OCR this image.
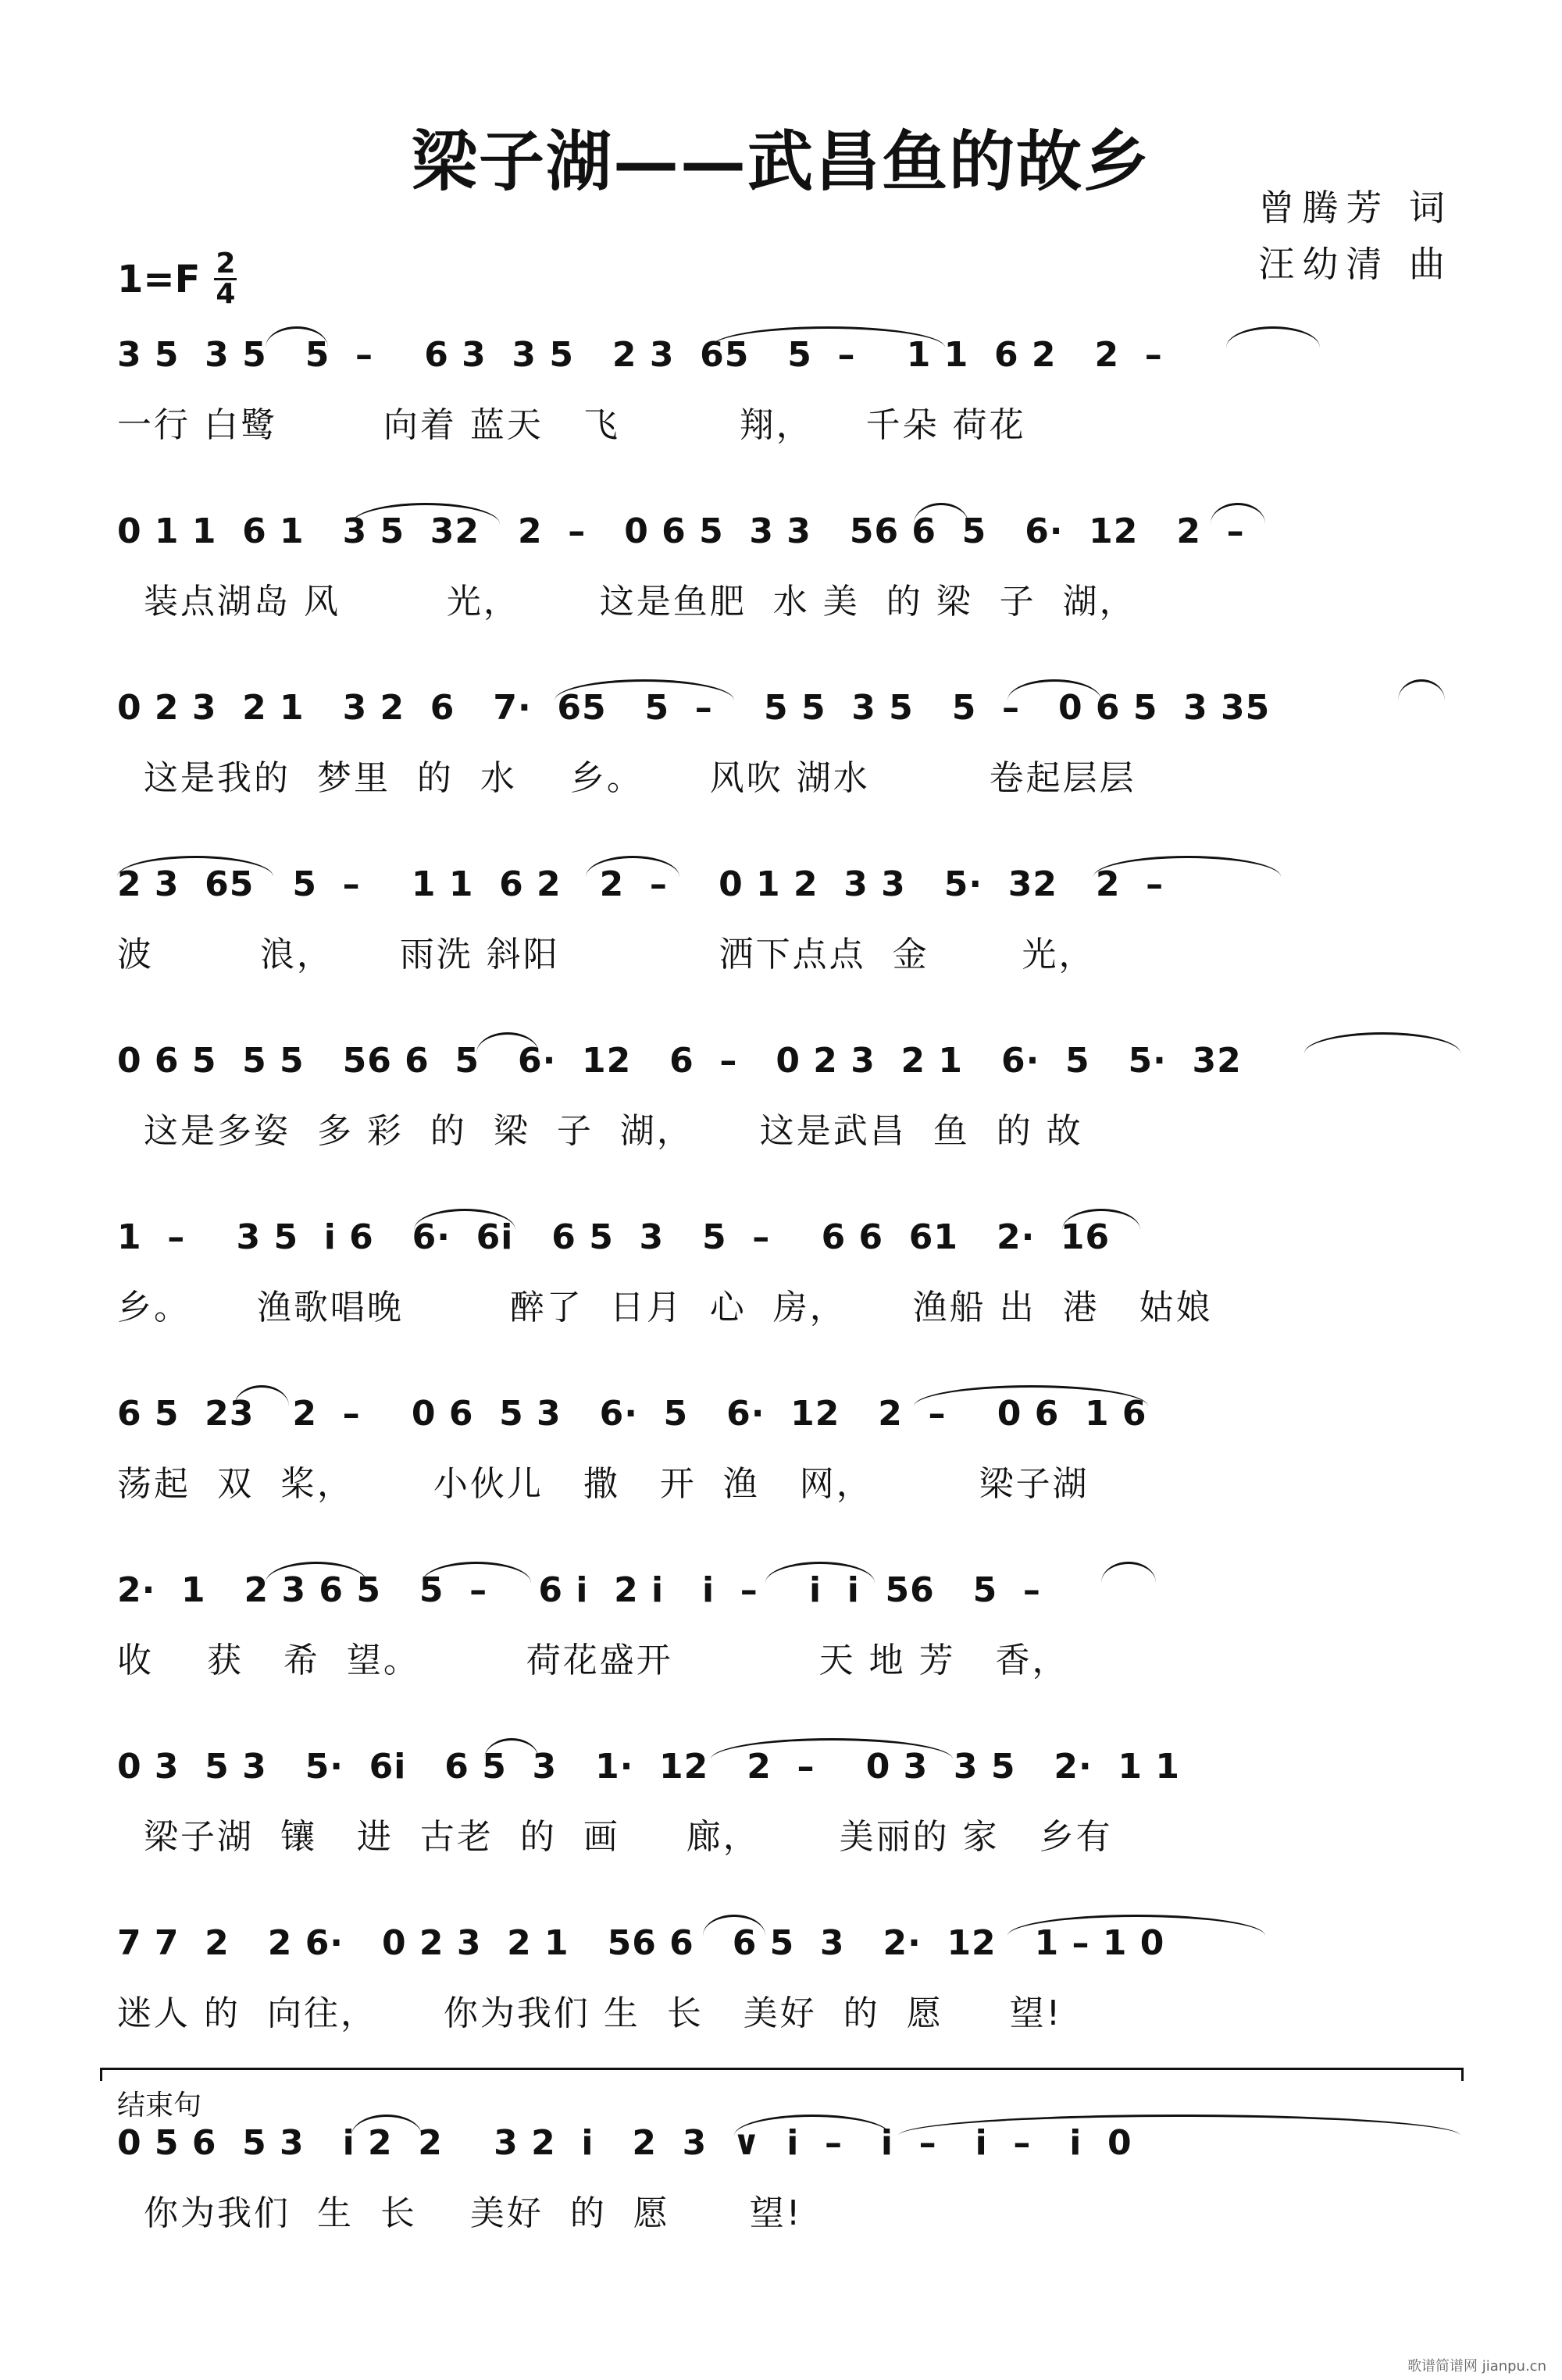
梁子湖——武昌鱼的故乡
曾腾芳 词
汪幼清 曲
$1=F \frac{2}{4}$
3 5  3 5   5  –    6 3  3 5   2 3  65   5  –    1 1  6 2   2  –
一行 白鹭        向着 蓝天   飞         翔，    千朵 荷花
0 1 1  6 1   3 5  32   2  –   0 6 5  3 3   56 6  5   6·  12   2  –
装点湖岛 风        光，      这是鱼肥  水 美  的 梁  子  湖，
0 2 3  2 1   3 2  6   7·  65   5  –    5 5  3 5   5  –   0 6 5  3 35
这是我的  梦里  的  水    乡。     风吹 湖水         卷起层层
2 3  65   5  –    1 1  6 2   2  –    0 1 2  3 3   5·  32   2  –
波        浪，     雨洗 斜阳            洒下点点  金       光，
0 6 5  5 5   56 6  5   6·  12   6  –   0 2 3  2 1   6·  5   5·  32
这是多姿  多 彩  的  梁  子  湖，     这是武昌  鱼  的 故
1  –    3 5  i 6   6·  6i   6 5  3   5  –    6 6  61   2·  16
乡。     渔歌唱晚        醉了  日月  心  房，     渔船 出  港   姑娘
6 5  23   2  –    0 6  5 3   6·  5   6·  12   2  –    0 6  1 6
荡起  双  桨，      小伙儿   撒   开  渔   网，        梁子湖
2·  1   2 3 6 5   5  –    6 i  2 i   i  –    i  i  56   5  –
收    获   希  望。        荷花盛开           天 地 芳   香，
0 3  5 3   5·  6i   6 5  3   1·  12   2  –    0 3  3 5   2·  1 1
梁子湖  镶   进  古老  的  画     廊，      美丽的 家   乡有
7 7  2   2 6·   0 2 3  2 1   56 6   6 5  3   2·  12   1 – 1 0
迷人 的  向往，     你为我们 生  长   美好  的  愿     望!
结束句
0 5 6  5 3   i 2  2    3 2  i   2  3  ∨  i  –   i  –   i  –   i  0
你为我们  生  长    美好  的  愿      望!
歌谱简谱网 jianpu.cn
